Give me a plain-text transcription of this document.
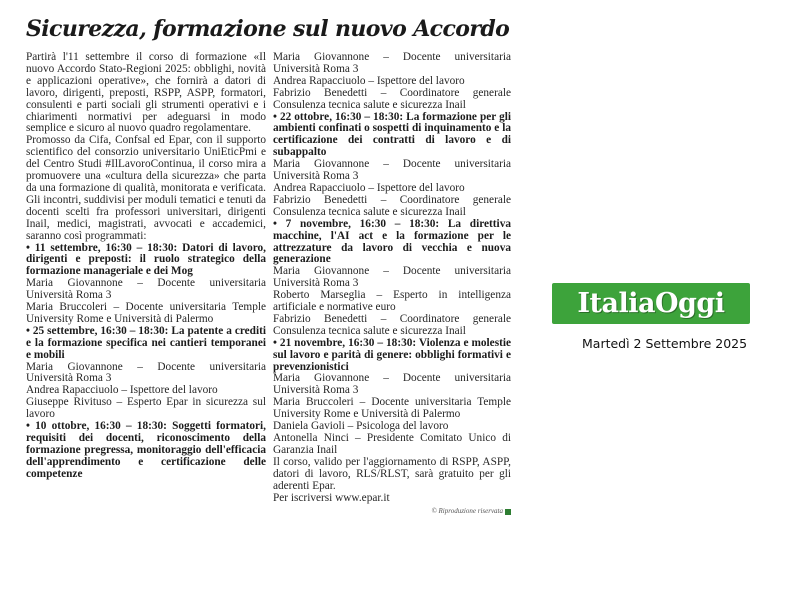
Sicurezza, formazione sul nuovo Accordo

Partirà l'11 settembre il corso di formazione «Il nuovo Accordo Stato-Regioni 2025: obblighi, novità e applicazioni operative», che fornirà a datori di lavoro, dirigenti, preposti, RSPP, ASPP, formatori, consulenti e parti sociali gli strumenti operativi e i chiarimenti normativi per adeguarsi in modo semplice e sicuro al nuovo quadro regolamentare.

Promosso da Cifa, Confsal ed Epar, con il supporto scientifico del consorzio universitario UniEticPmi e del Centro Studi #IlLavoroContinua, il corso mira a promuovere una «cultura della sicurezza» che parta da una formazione di qualità, monitorata e verificata.

Gli incontri, suddivisi per moduli tematici e tenuti da docenti scelti fra professori universitari, dirigenti Inail, medici, magistrati, avvocati e accademici, saranno così programmati:

• 11 settembre, 16:30 – 18:30: Datori di lavoro, dirigenti e preposti: il ruolo strategico della formazione manageriale e dei Mog
Maria Giovannone – Docente universitaria Università Roma 3
Maria Bruccoleri – Docente universitaria Temple University Rome e Università di Palermo
• 25 settembre, 16:30 – 18:30: La patente a crediti e la formazione specifica nei cantieri temporanei e mobili
Maria Giovannone – Docente universitaria Università Roma 3
Andrea Rapacciuolo – Ispettore del lavoro
Giuseppe Rivituso – Esperto Epar in sicurezza sul lavoro
• 10 ottobre, 16:30 – 18:30: Soggetti formatori, requisiti dei docenti, riconoscimento della formazione pregressa, monitoraggio dell'efficacia dell'apprendimento e certificazione delle competenze
Maria Giovannone – Docente universitaria Università Roma 3
Andrea Rapacciuolo – Ispettore del lavoro
Fabrizio Benedetti – Coordinatore generale Consulenza tecnica salute e sicurezza Inail
• 22 ottobre, 16:30 – 18:30: La formazione per gli ambienti confinati o sospetti di inquinamento e la certificazione dei contratti di lavoro e di subappalto
Maria Giovannone – Docente universitaria Università Roma 3
Andrea Rapacciuolo – Ispettore del lavoro
Fabrizio Benedetti – Coordinatore generale Consulenza tecnica salute e sicurezza Inail
• 7 novembre, 16:30 – 18:30: La direttiva macchine, l'AI act e la formazione per le attrezzature da lavoro di vecchia e nuova generazione
Maria Giovannone – Docente universitaria Università Roma 3
Roberto Marseglia – Esperto in intelligenza artificiale e normative euro
Fabrizio Benedetti – Coordinatore generale Consulenza tecnica salute e sicurezza Inail
• 21 novembre, 16:30 – 18:30: Violenza e molestie sul lavoro e parità di genere: obblighi formativi e prevenzionistici
Maria Giovannone – Docente universitaria Università Roma 3
Maria Bruccoleri – Docente universitaria Temple University Rome e Università di Palermo
Daniela Gavioli – Psicologa del lavoro
Antonella Ninci – Presidente Comitato Unico di Garanzia Inail

Il corso, valido per l'aggiornamento di RSPP, ASPP, datori di lavoro, RLS/RLST, sarà gratuito per gli aderenti Epar.

Per iscriversi www.epar.it
© Riproduzione riservata
ItaliaOggi
Martedì 2 Settembre 2025
